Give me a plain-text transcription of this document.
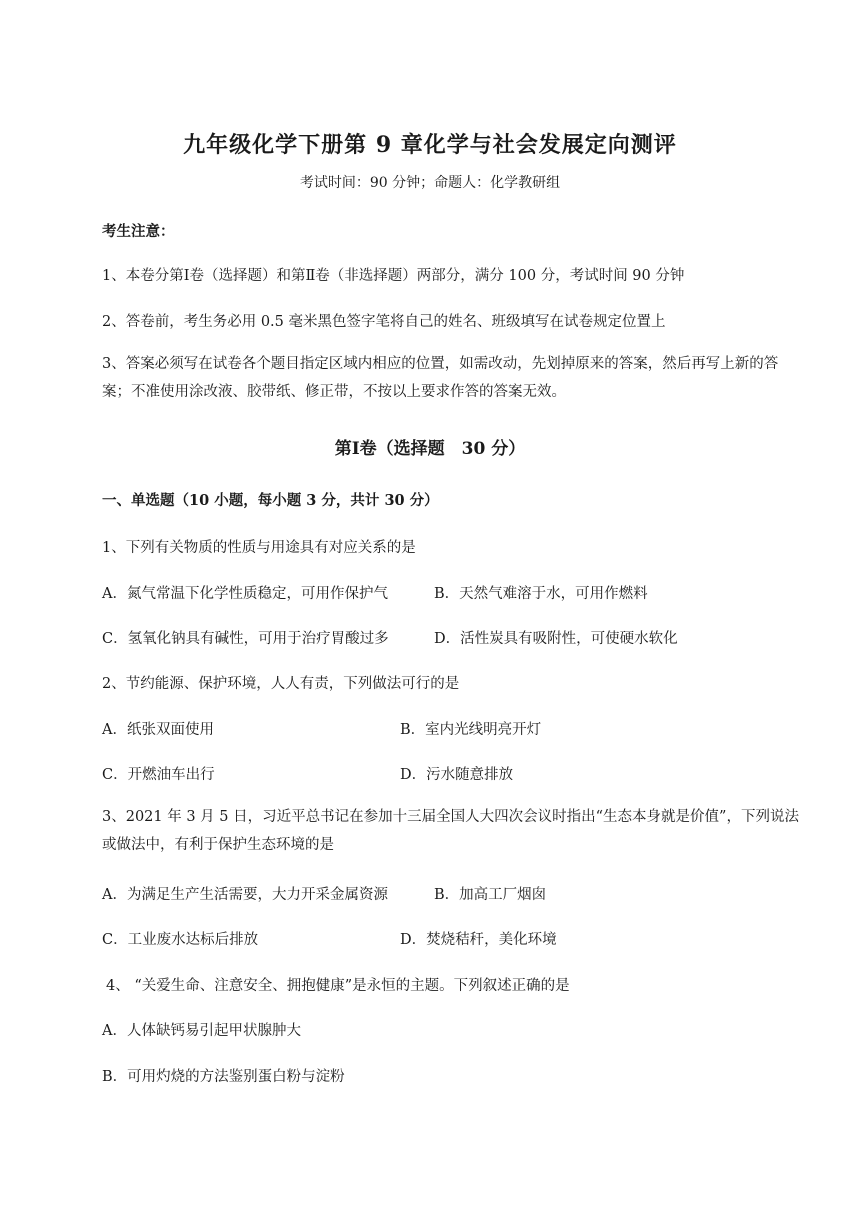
九年级化学下册第 9 章化学与社会发展定向测评
考试时间：90 分钟；命题人：化学教研组
考生注意：
1、本卷分第Ⅰ卷（选择题）和第Ⅱ卷（非选择题）两部分，满分 100 分，考试时间 90 分钟
2、答卷前，考生务必用 0.5 毫米黑色签字笔将自己的姓名、班级填写在试卷规定位置上
3、答案必须写在试卷各个题目指定区域内相应的位置，如需改动，先划掉原来的答案，然后再写上新的答案；不准使用涂改液、胶带纸、修正带，不按以上要求作答的答案无效。
第Ⅰ卷（选择题　30 分）
一、单选题（10 小题，每小题 3 分，共计 30 分）
1、下列有关物质的性质与用途具有对应关系的是
A．氮气常温下化学性质稳定，可用作保护气	B．天然气难溶于水，可用作燃料
C．氢氧化钠具有碱性，可用于治疗胃酸过多	D．活性炭具有吸附性，可使硬水软化
2、节约能源、保护环境，人人有责，下列做法可行的是
A．纸张双面使用	B．室内光线明亮开灯
C．开燃油车出行	D．污水随意排放
3、2021 年 3 月 5 日，习近平总书记在参加十三届全国人大四次会议时指出“生态本身就是价值”，下列说法或做法中，有利于保护生态环境的是
A．为满足生产生活需要，大力开采金属资源	B．加高工厂烟囱
C．工业废水达标后排放	D．焚烧秸秆，美化环境
4、 “关爱生命、注意安全、拥抱健康”是永恒的主题。下列叙述正确的是
A．人体缺钙易引起甲状腺肿大
B．可用灼烧的方法鉴别蛋白粉与淀粉
